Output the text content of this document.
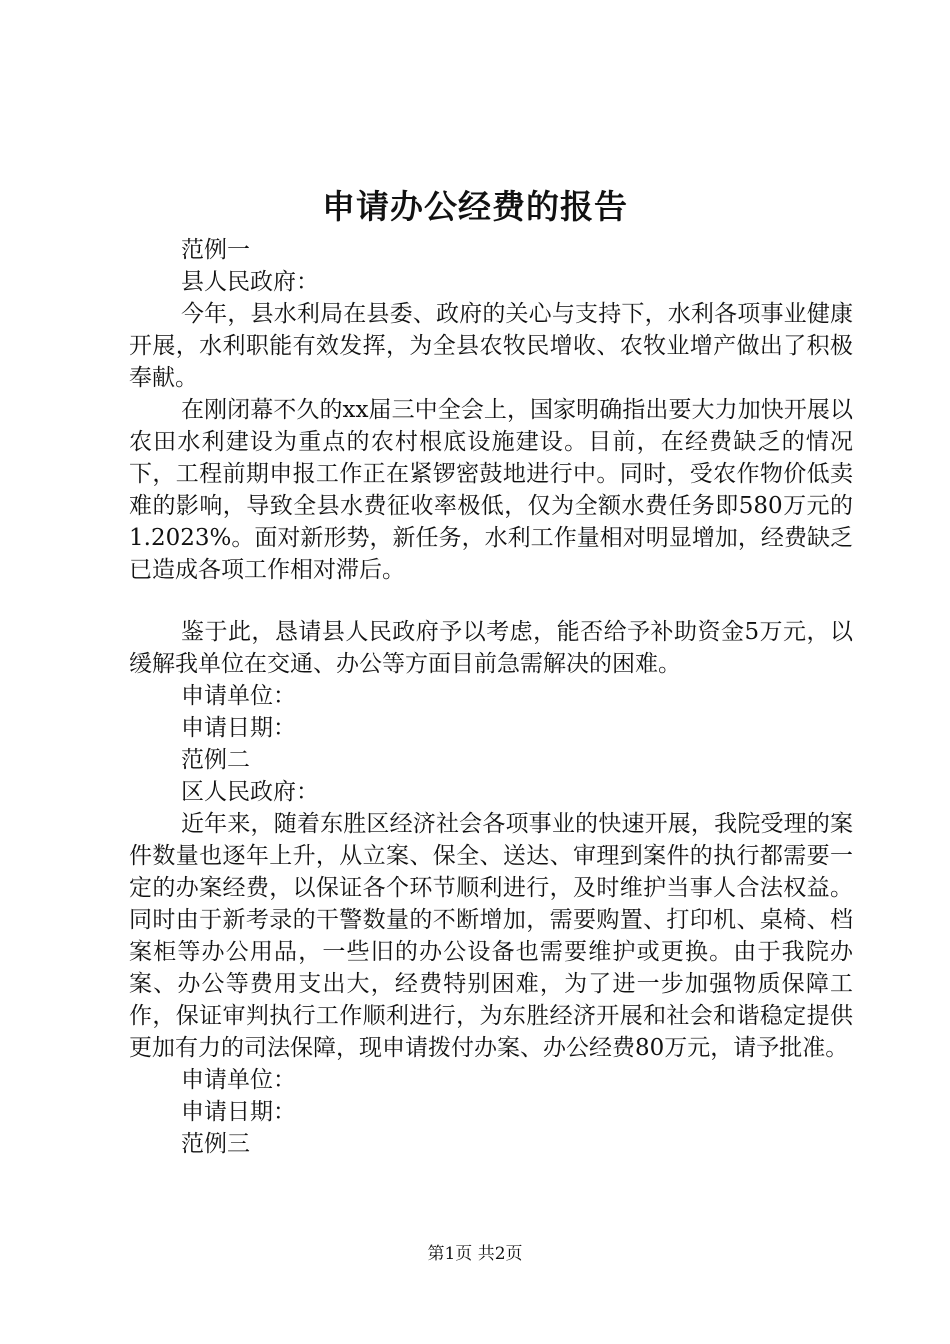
申请办公经费的报告

范例一

县人民政府：

今年，县水利局在县委、政府的关心与支持下，水利各项事业健康开展，水利职能有效发挥，为全县农牧民增收、农牧业增产做出了积极奉献。

在刚闭幕不久的xx届三中全会上，国家明确指出要大力加快开展以农田水利建设为重点的农村根底设施建设。目前，在经费缺乏的情况下，工程前期申报工作正在紧锣密鼓地进行中。同时，受农作物价低卖难的影响，导致全县水费征收率极低，仅为全额水费任务即580万元的1.2023%。面对新形势，新任务，水利工作量相对明显增加，经费缺乏已造成各项工作相对滞后。

鉴于此，恳请县人民政府予以考虑，能否给予补助资金5万元，以缓解我单位在交通、办公等方面目前急需解决的困难。

申请单位：

申请日期：

范例二

区人民政府：

近年来，随着东胜区经济社会各项事业的快速开展，我院受理的案件数量也逐年上升，从立案、保全、送达、审理到案件的执行都需要一定的办案经费，以保证各个环节顺利进行，及时维护当事人合法权益。同时由于新考录的干警数量的不断增加，需要购置、打印机、桌椅、档案柜等办公用品，一些旧的办公设备也需要维护或更换。由于我院办案、办公等费用支出大，经费特别困难，为了进一步加强物质保障工作，保证审判执行工作顺利进行，为东胜经济开展和社会和谐稳定提供更加有力的司法保障，现申请拨付办案、办公经费80万元，请予批准。

申请单位：

申请日期：

范例三

第1页 共2页
